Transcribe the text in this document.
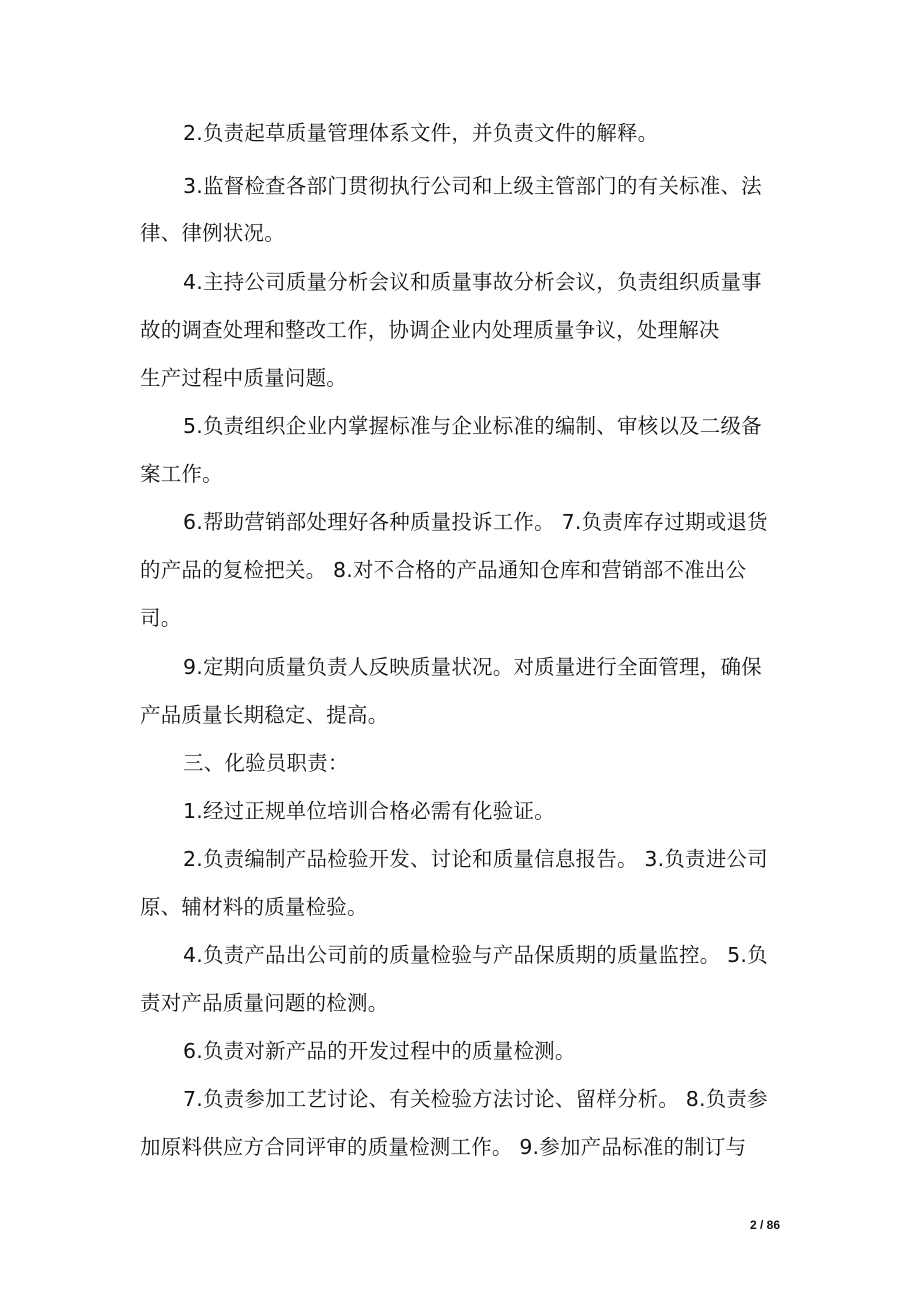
2.负责起草质量管理体系文件，并负责文件的解释。
3.监督检查各部门贯彻执行公司和上级主管部门的有关标准、法
律、律例状况。
4.主持公司质量分析会议和质量事故分析会议，负责组织质量事
故的调查处理和整改工作，协调企业内处理质量争议，处理解决
生产过程中质量问题。
5.负责组织企业内掌握标准与企业标准的编制、审核以及二级备
案工作。
6.帮助营销部处理好各种质量投诉工作。 7.负责库存过期或退货
的产品的复检把关。 8.对不合格的产品通知仓库和营销部不准出公
司。
9.定期向质量负责人反映质量状况。对质量进行全面管理，确保
产品质量长期稳定、提高。
三、化验员职责：
1.经过正规单位培训合格必需有化验证。
2.负责编制产品检验开发、讨论和质量信息报告。 3.负责进公司
原、辅材料的质量检验。
4.负责产品出公司前的质量检验与产品保质期的质量监控。 5.负
责对产品质量问题的检测。
6.负责对新产品的开发过程中的质量检测。
7.负责参加工艺讨论、有关检验方法讨论、留样分析。 8.负责参
加原料供应方合同评审的质量检测工作。 9.参加产品标准的制订与
2 / 86
